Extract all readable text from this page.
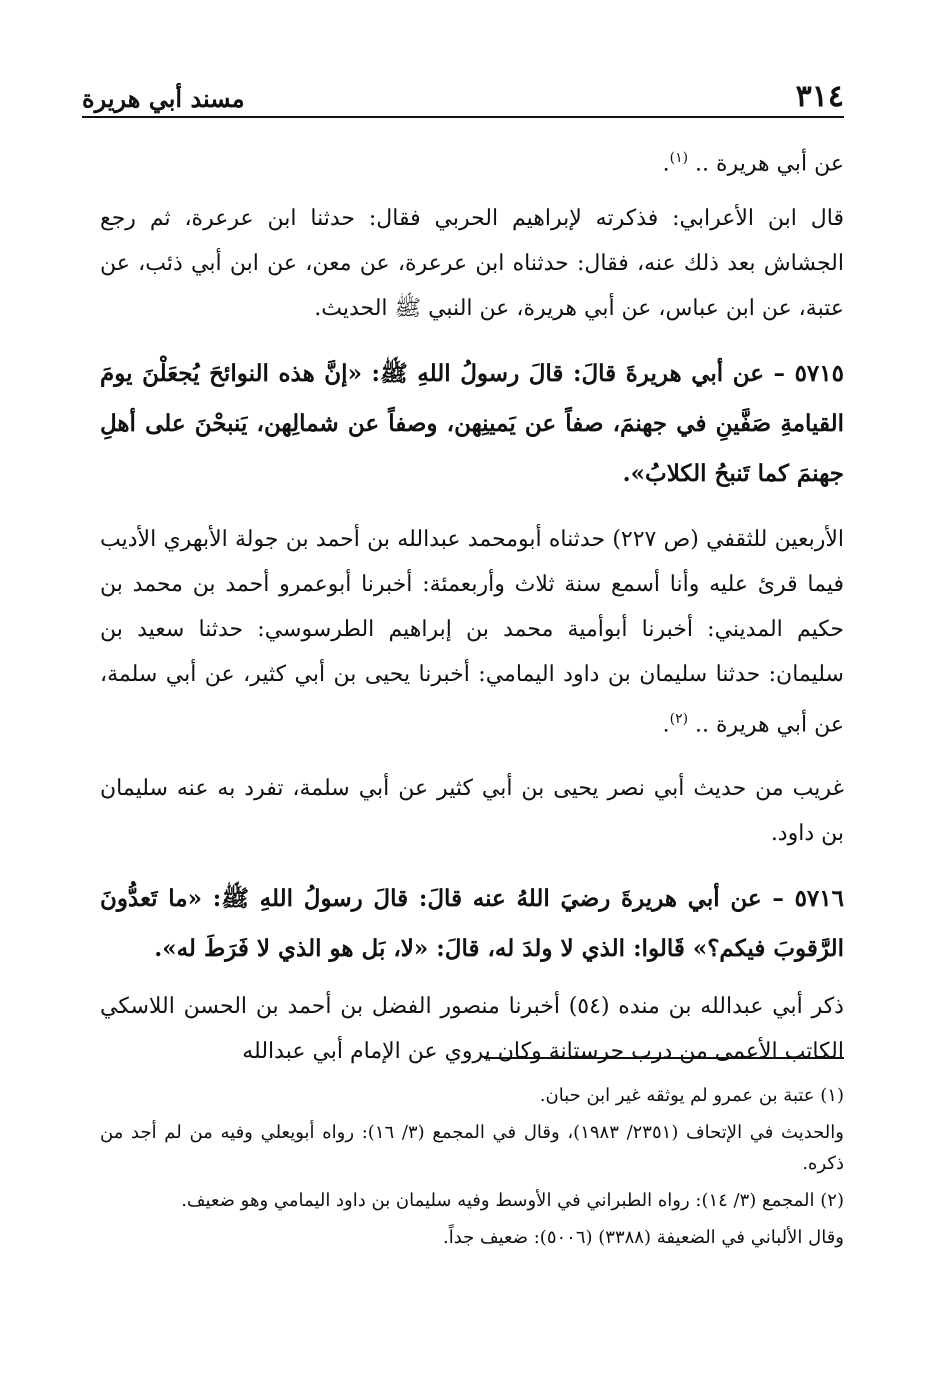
٣١٤
مسند أبي هريرة

عن أبي هريرة .. $^{(١)}$.

قال ابن الأعرابي: فذكرته لإبراهيم الحربي فقال: حدثنا ابن عرعرة، ثم رجع الجشاش بعد ذلك عنه، فقال: حدثناه ابن عرعرة، عن معن، عن ابن أبي ذئب، عن عتبة، عن ابن عباس، عن أبي هريرة، عن النبي ﷺ الحديث.

٥٧١٥ – عن أبي هريرةَ قالَ: قالَ رسولُ اللهِ ﷺ: «إنَّ هذه النوائحَ يُجعَلْنَ يومَ القيامةِ صَفَّينِ في جهنمَ، صفاً عن يَمينِهن، وصفاً عن شمالِهن، يَنبحْنَ على أهلِ جهنمَ كما تَنبحُ الكلابُ».

الأربعين للثقفي (ص ٢٢٧) حدثناه أبومحمد عبدالله بن أحمد بن جولة الأبهري الأديب فيما قرئ عليه وأنا أسمع سنة ثلاث وأربعمئة: أخبرنا أبوعمرو أحمد بن محمد بن حكيم المديني: أخبرنا أبوأمية محمد بن إبراهيم الطرسوسي: حدثنا سعيد بن سليمان: حدثنا سليمان بن داود اليمامي: أخبرنا يحيى بن أبي كثير، عن أبي سلمة، عن أبي هريرة .. $^{(٢)}$.

غريب من حديث أبي نصر يحيى بن أبي كثير عن أبي سلمة، تفرد به عنه سليمان بن داود.

٥٧١٦ – عن أبي هريرةَ رضيَ اللهُ عنه قالَ: قالَ رسولُ اللهِ ﷺ: «ما تَعدُّونَ الرَّقوبَ فيكم؟» قَالوا: الذي لا ولدَ له، قالَ: «لا، بَل هو الذي لا فَرَطَ له».

ذكر أبي عبدالله بن منده (٥٤) أخبرنا منصور الفضل بن أحمد بن الحسن اللاسكي الكاتب الأعمى من درب حرستانة وكان يروي عن الإمام أبي عبدالله

(١) عتبة بن عمرو لم يوثقه غير ابن حبان.

والحديث في الإتحاف (٢٣٥١/ ١٩٨٣)، وقال في المجمع (٣/ ١٦): رواه أبويعلي وفيه من لم أجد من ذكره.

(٢) المجمع (٣/ ١٤): رواه الطبراني في الأوسط وفيه سليمان بن داود اليمامي وهو ضعيف.

وقال الألباني في الضعيفة (٣٣٨٨) (٥٠٠٦): ضعيف جداً.
